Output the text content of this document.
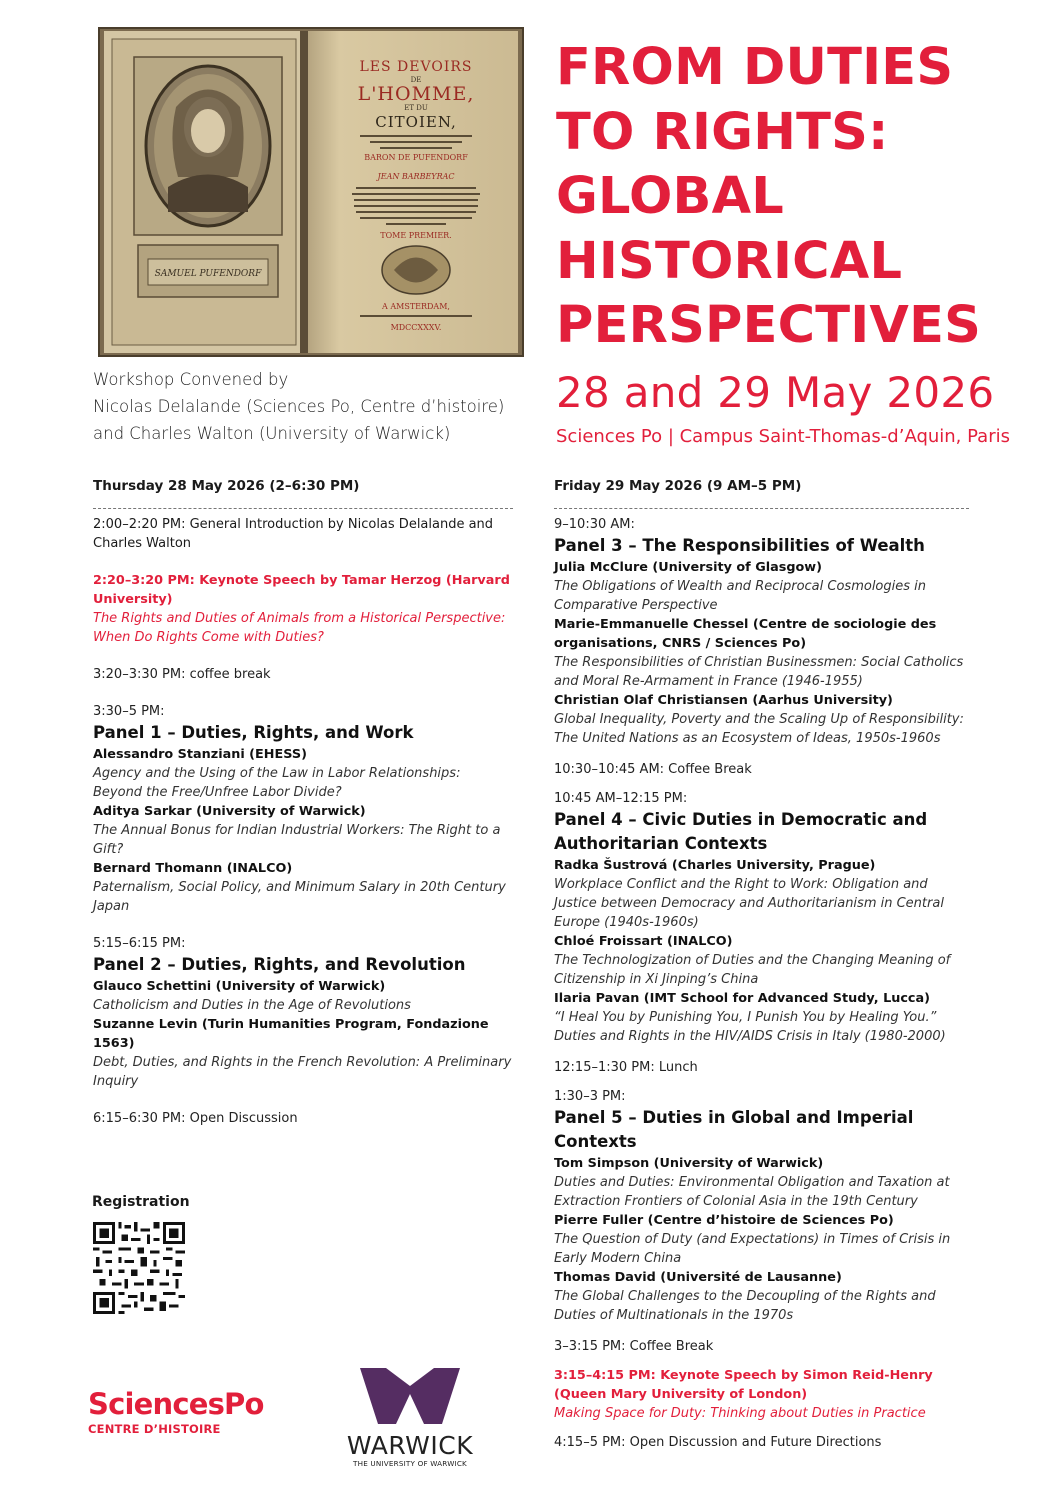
SAMUEL PUFENDORF
LES DEVOIRS
DE
L'HOMME,
ET DU
CITOIEN,
BARON DE PUFENDORF
JEAN BARBEYRAC
TOME PREMIER.
A AMSTERDAM,
MDCCXXXV.
FROM DUTIES
TO RIGHTS:
GLOBAL
HISTORICAL
PERSPECTIVES
28 and 29 May 2026
Sciences Po | Campus Saint-Thomas-d’Aquin, Paris
Workshop Convened by
Nicolas Delalande (Sciences Po, Centre d’histoire)
and Charles Walton (University of Warwick)
Thursday 28 May 2026 (2–6:30 PM)
2:00–2:20 PM: General Introduction by Nicolas Delalande and Charles Walton
2:20–3:20 PM: Keynote Speech by Tamar Herzog (Harvard University)
The Rights and Duties of Animals from a Historical Perspective: When Do Rights Come with Duties?
3:20–3:30 PM: coffee break
3:30–5 PM:
Panel 1 – Duties, Rights, and Work
Alessandro Stanziani (EHESS)
Agency and the Using of the Law in Labor Relationships: Beyond the Free/Unfree Labor Divide?
Aditya Sarkar (University of Warwick)
The Annual Bonus for Indian Industrial Workers: The Right to a Gift?
Bernard Thomann (INALCO)
Paternalism, Social Policy, and Minimum Salary in 20th Century Japan
5:15–6:15 PM:
Panel 2 – Duties, Rights, and Revolution
Glauco Schettini (University of Warwick)
Catholicism and Duties in the Age of Revolutions
Suzanne Levin (Turin Humanities Program, Fondazione 1563)
Debt, Duties, and Rights in the French Revolution: A Preliminary Inquiry
6:15–6:30 PM: Open Discussion
Friday 29 May 2026 (9 AM–5 PM)
9–10:30 AM:
Panel 3 – The Responsibilities of Wealth
Julia McClure (University of Glasgow)
The Obligations of Wealth and Reciprocal Cosmologies in Comparative Perspective
Marie-Emmanuelle Chessel (Centre de sociologie des organisations, CNRS / Sciences Po)
The Responsibilities of Christian Businessmen: Social Catholics and Moral Re-Armament in France (1946-1955)
Christian Olaf Christiansen (Aarhus University)
Global Inequality, Poverty and the Scaling Up of Responsibility: The United Nations as an Ecosystem of Ideas, 1950s-1960s
10:30–10:45 AM: Coffee Break
10:45 AM–12:15 PM:
Panel 4 – Civic Duties in Democratic and Authoritarian Contexts
Radka Šustrová (Charles University, Prague)
Workplace Conflict and the Right to Work: Obligation and Justice between Democracy and Authoritarianism in Central Europe (1940s-1960s)
Chloé Froissart (INALCO)
The Technologization of Duties and the Changing Meaning of Citizenship in Xi Jinping’s China
Ilaria Pavan (IMT School for Advanced Study, Lucca)
“I Heal You by Punishing You, I Punish You by Healing You.” Duties and Rights in the HIV/AIDS Crisis in Italy (1980-2000)
12:15–1:30 PM: Lunch
1:30–3 PM:
Panel 5 – Duties in Global and Imperial Contexts
Tom Simpson (University of Warwick)
Duties and Duties: Environmental Obligation and Taxation at Extraction Frontiers of Colonial Asia in the 19th Century
Pierre Fuller (Centre d’histoire de Sciences Po)
The Question of Duty (and Expectations) in Times of Crisis in Early Modern China
Thomas David (Université de Lausanne)
The Global Challenges to the Decoupling of the Rights and Duties of Multinationals in the 1970s
3–3:15 PM: Coffee Break
3:15–4:15 PM: Keynote Speech by Simon Reid-Henry (Queen Mary University of London)
Making Space for Duty: Thinking about Duties in Practice
4:15–5 PM: Open Discussion and Future Directions
Registration
SciencesPo
CENTRE D’HISTOIRE
WARWICK
THE UNIVERSITY OF WARWICK
